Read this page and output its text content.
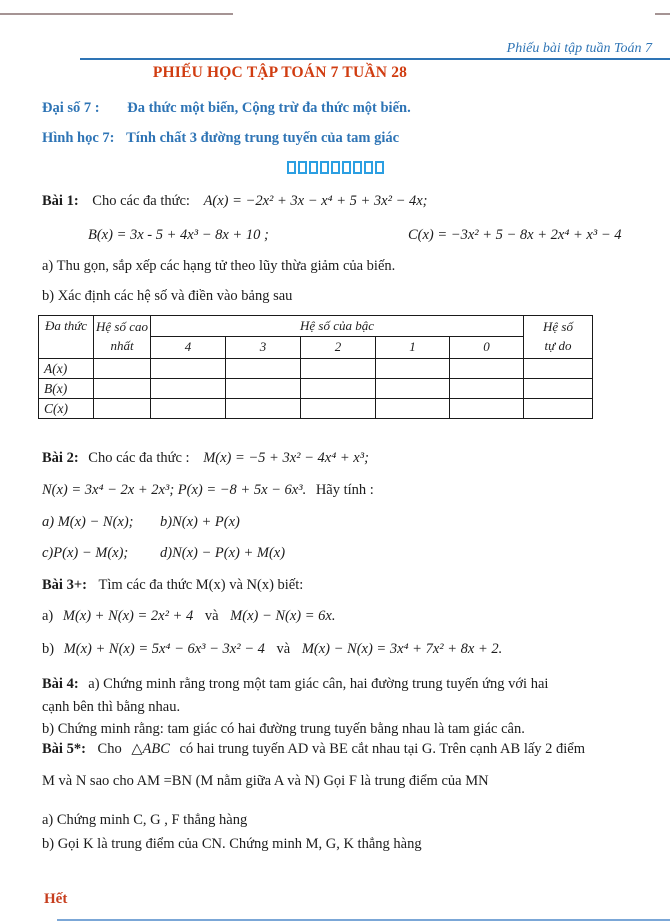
Phiếu bài tập tuần Toán 7
PHIẾU HỌC TẬP TOÁN 7 TUẦN 28
Đại số 7 : Đa thức một biến, Cộng trừ đa thức một biến.
Hình học 7: Tính chất 3 đường trung tuyến của tam giác
Bài 1: Cho các đa thức: A(x) = −2x² + 3x − x⁴ + 5 + 3x² − 4x;
B(x) = 3x - 5 + 4x³ − 8x + 10 ;	C(x) = −3x² + 5 − 8x + 2x⁴ + x³ − 4
a) Thu gọn, sắp xếp các hạng tử theo lũy thừa giảm của biến.
b) Xác định các hệ số và điền vào bảng sau
Đa thức	Hệ số cao
nhất
	Hệ số của bậc	Hệ số
tự do

		4	3	2	1	0	
A(x)							
B(x)							
C(x)							
Bài 2: Cho các đa thức : M(x) = −5 + 3x² − 4x⁴ + x³;
N(x) = 3x⁴ − 2x + 2x³; P(x) = −8 + 5x − 6x³. Hãy tính :
a) M(x) − N(x); b)N(x) + P(x)
c)P(x) − M(x); d)N(x) − P(x) + M(x)
Bài 3+: Tìm các đa thức M(x) và N(x) biết:
a) M(x) + N(x) = 2x² + 4 và M(x) − N(x) = 6x.
b) M(x) + N(x) = 5x⁴ − 6x³ − 3x² − 4 và M(x) − N(x) = 3x⁴ + 7x² + 8x + 2.
Bài 4: a) Chứng minh rằng trong một tam giác cân, hai đường trung tuyến ứng với hai
cạnh bên thì bằng nhau.
b) Chứng minh rằng: tam giác có hai đường trung tuyến bằng nhau là tam giác cân.
Bài 5*: Cho △ABC có hai trung tuyến AD và BE cắt nhau tại G. Trên cạnh AB lấy 2 điểm
M và N sao cho AM =BN (M nằm giữa A và N) Gọi F là trung điểm của MN
a) Chứng minh C, G , F thẳng hàng
b) Gọi K là trung điểm của CN. Chứng minh M, G, K thẳng hàng
Hết
